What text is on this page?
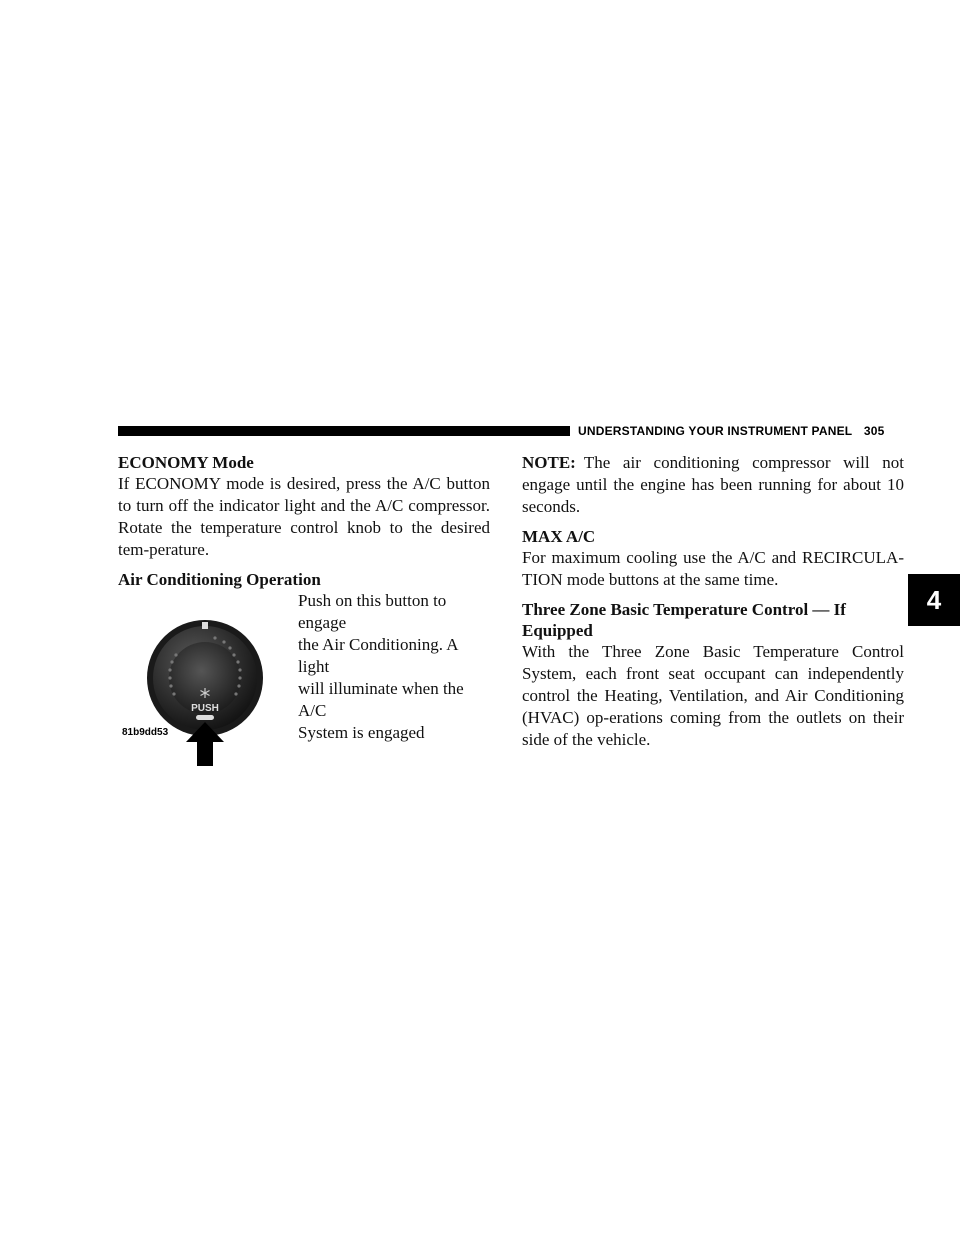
UNDERSTANDING YOUR INSTRUMENT PANEL 305
4
ECONOMY Mode

If ECONOMY mode is desired, press the A/C button to turn off the indicator light and the A/C compressor. Rotate the temperature control knob to the desired tem-perature.

Air Conditioning Operation
Push on this button to engage
the Air Conditioning. A light
will illuminate when the A/C
System is engaged
PUSH
81b9dd53

NOTE: The air conditioning compressor will not engage until the engine has been running for about 10 seconds.

MAX A/C

For maximum cooling use the A/C and RECIRCULA-TION mode buttons at the same time.

Three Zone Basic Temperature Control — If
Equipped

With the Three Zone Basic Temperature Control System, each front seat occupant can independently control the Heating, Ventilation, and Air Conditioning (HVAC) op-erations coming from the outlets on their side of the vehicle.
